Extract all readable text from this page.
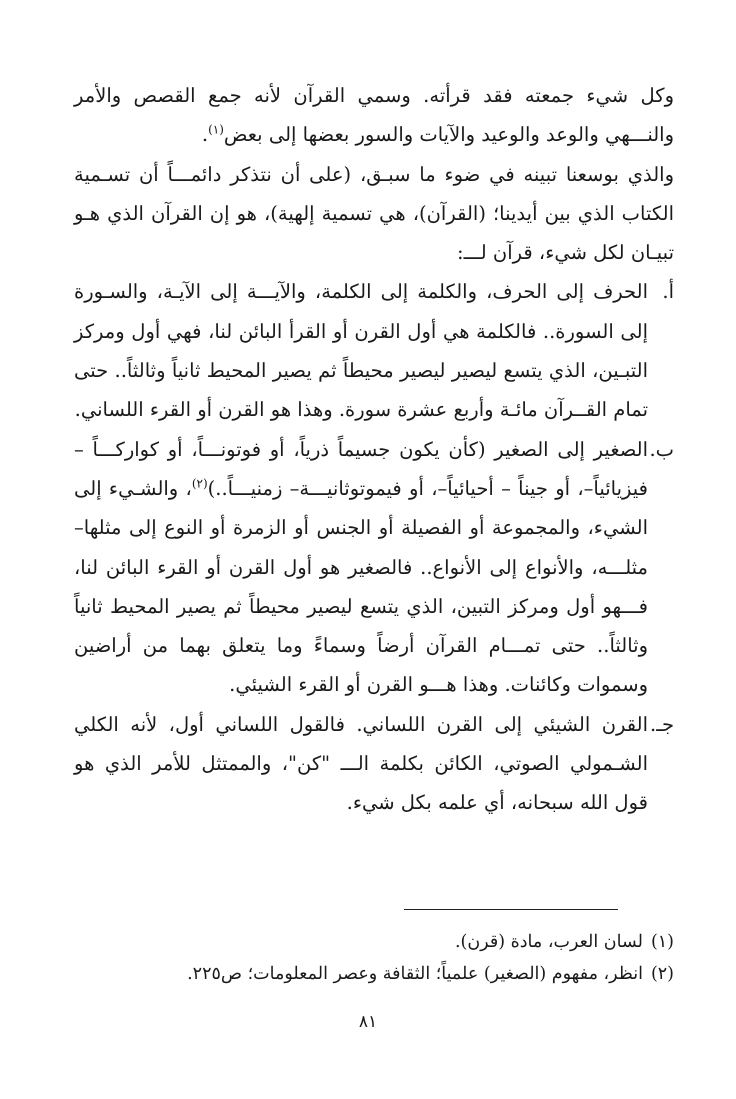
وكل شيء جمعته فقد قرأته. وسمي القرآن لأنه جمع القصص والأمر والنـــهي والوعد والوعيد والآيات والسور بعضها إلى بعض$^{(١)}$.

والذي بوسعنا تبينه في ضوء ما سبـق، (على أن نتذكر دائمـــاً أن تسـمية الكتاب الذي بين أيدينا؛ (القرآن)، هي تسمية إلهية)، هو إن القرآن الذي هـو تبيـان لكل شيء، قرآن لـــ:

أ.
الحرف إلى الحرف، والكلمة إلى الكلمة، والآيـــة إلى الآيـة، والسـورة إلى السورة.. فالكلمة هي أول القرن أو القرأ البائن لنا، فهي أول ومركز التبـين، الذي يتسع ليصير ليصير محيطاً ثم يصير المحيط ثانياً وثالثاً.. حتى تمام القــرآن مائـة وأربع عشرة سورة. وهذا هو القرن أو القرء اللساني.

ب.
الصغير إلى الصغير (كأن يكون جسيماً ذرياً، أو فوتونـــاً، أو كواركـــاً – فيزيائياً–، أو جيناً – أحيائياً–، أو فيموتوثانيـــة– زمنيـــاً..)$^{(٢)}$، والشـيء إلى الشيء، والمجموعة أو الفصيلة أو الجنس أو الزمرة أو النوع إلى مثلها– مثلـــه، والأنواع إلى الأنواع.. فالصغير هو أول القرن أو القرء البائن لنا، فـــهو أول ومركز التبين، الذي يتسع ليصير محيطاً ثم يصير المحيط ثانياً وثالثاً.. حتى تمـــام القرآن أرضاً وسماءً وما يتعلق بهما من أراضين وسموات وكائنات. وهذا هـــو القرن أو القرء الشيئي.

جـ.
القرن الشيئي إلى القرن اللساني. فالقول اللساني أول، لأنه الكلي الشـمولي الصوتي، الكائن بكلمة الـــ "كن"، والممتثل للأمر الذي هو قول الله سبحانه، أي علمه بكل شيء.

(١)لسان العرب، مادة (قرن).

(٢)انظر، مفهوم (الصغير) علمياً؛ الثقافة وعصر المعلومات؛ ص٢٢٥.

٨١
